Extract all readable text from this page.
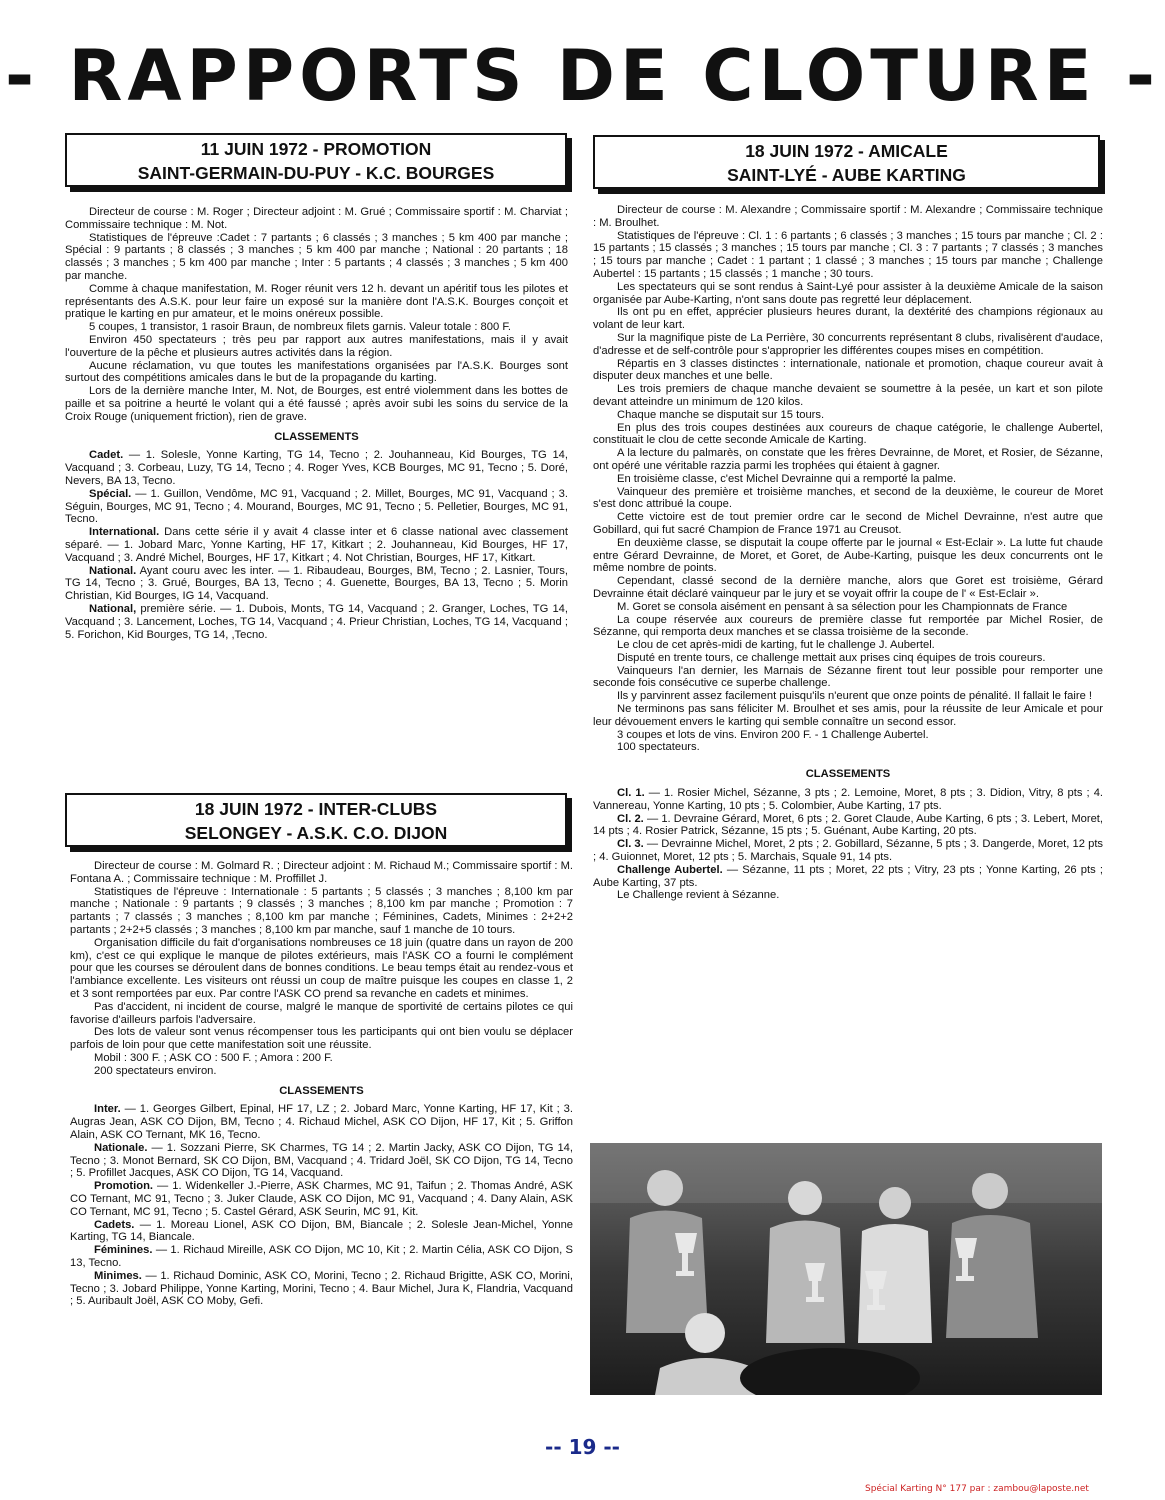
- RAPPORTS DE CLOTURE -
11 JUIN 1972 - PROMOTION
SAINT-GERMAIN-DU-PUY - K.C. BOURGES
18 JUIN 1972 - INTER-CLUBS
SELONGEY - A.S.K. C.O. DIJON
18 JUIN 1972 - AMICALE
SAINT-LYÉ - AUBE KARTING

Directeur de course : M. Roger ; Directeur adjoint : M. Grué ; Commissaire sportif : M. Charviat ; Commissaire technique : M. Not.

Statistiques de l'épreuve :Cadet : 7 partants ; 6 classés ; 3 manches ; 5 km 400 par manche ; Spécial : 9 partants ; 8 classés ; 3 manches ; 5 km 400 par manche ; National : 20 partants ; 18 classés ; 3 manches ; 5 km 400 par manche ; Inter : 5 partants ; 4 classés ; 3 manches ; 5 km 400 par manche.

Comme à chaque manifestation, M. Roger réunit vers 12 h. devant un apéritif tous les pilotes et représentants des A.S.K. pour leur faire un exposé sur la manière dont l'A.S.K. Bourges conçoit et pratique le karting en pur amateur, et le moins onéreux possible.

5 coupes, 1 transistor, 1 rasoir Braun, de nombreux filets garnis. Valeur totale : 800 F.

Environ 450 spectateurs ; très peu par rapport aux autres manifestations, mais il y avait l'ouverture de la pêche et plusieurs autres activités dans la région.

Aucune réclamation, vu que toutes les manifestations organisées par l'A.S.K. Bourges sont surtout des compétitions amicales dans le but de la propagande du karting.

Lors de la dernière manche Inter, M. Not, de Bourges, est entré violemment dans les bottes de paille et sa poitrine a heurté le volant qui a été faussé ; après avoir subi les soins du service de la Croix Rouge (uniquement friction), rien de grave.

CLASSEMENTS

Cadet. — 1. Solesle, Yonne Karting, TG 14, Tecno ; 2. Jouhanneau, Kid Bourges, TG 14, Vacquand ; 3. Corbeau, Luzy, TG 14, Tecno ; 4. Roger Yves, KCB Bourges, MC 91, Tecno ; 5. Doré, Nevers, BA 13, Tecno.

Spécial. — 1. Guillon, Vendôme, MC 91, Vacquand ; 2. Millet, Bourges, MC 91, Vacquand ; 3. Séguin, Bourges, MC 91, Tecno ; 4. Mourand, Bourges, MC 91, Tecno ; 5. Pelletier, Bourges, MC 91, Tecno.

International. Dans cette série il y avait 4 classe inter et 6 classe national avec classement séparé. — 1. Jobard Marc, Yonne Karting, HF 17, Kitkart ; 2. Jouhanneau, Kid Bourges, HF 17, Vacquand ; 3. André Michel, Bourges, HF 17, Kitkart ; 4. Not Christian, Bourges, HF 17, Kitkart.

National. Ayant couru avec les inter. — 1. Ribaudeau, Bourges, BM, Tecno ; 2. Lasnier, Tours, TG 14, Tecno ; 3. Grué, Bourges, BA 13, Tecno ; 4. Guenette, Bourges, BA 13, Tecno ; 5. Morin Christian, Kid Bourges, IG 14, Vacquand.

National, première série. — 1. Dubois, Monts, TG 14, Vacquand ; 2. Granger, Loches, TG 14, Vacquand ; 3. Lancement, Loches, TG 14, Vacquand ; 4. Prieur Christian, Loches, TG 14, Vacquand ; 5. Forichon, Kid Bourges, TG 14, ,Tecno.

Directeur de course : M. Golmard R. ; Directeur adjoint : M. Richaud M.; Commissaire sportif : M. Fontana A. ; Commissaire technique : M. Proffillet J.

Statistiques de l'épreuve : Internationale : 5 partants ; 5 classés ; 3 manches ; 8,100 km par manche ; Nationale : 9 partants ; 9 classés ; 3 manches ; 8,100 km par manche ; Promotion : 7 partants ; 7 classés ; 3 manches ; 8,100 km par manche ; Féminines, Cadets, Minimes : 2+2+2 partants ; 2+2+5 classés ; 3 manches ; 8,100 km par manche, sauf 1 manche de 10 tours.

Organisation difficile du fait d'organisations nombreuses ce 18 juin (quatre dans un rayon de 200 km), c'est ce qui explique le manque de pilotes extérieurs, mais l'ASK CO a fourni le complément pour que les courses se déroulent dans de bonnes conditions. Le beau temps était au rendez-vous et l'ambiance excellente. Les visiteurs ont réussi un coup de maître puisque les coupes en classe 1, 2 et 3 sont remportées par eux. Par contre l'ASK CO prend sa revanche en cadets et minimes.

Pas d'accident, ni incident de course, malgré le manque de sportivité de certains pilotes ce qui favorise d'ailleurs parfois l'adversaire.

Des lots de valeur sont venus récompenser tous les participants qui ont bien voulu se déplacer parfois de loin pour que cette manifestation soit une réussite.

Mobil : 300 F. ; ASK CO : 500 F. ; Amora : 200 F.

200 spectateurs environ.

CLASSEMENTS

Inter. — 1. Georges Gilbert, Epinal, HF 17, LZ ; 2. Jobard Marc, Yonne Karting, HF 17, Kit ; 3. Augras Jean, ASK CO Dijon, BM, Tecno ; 4. Richaud Michel, ASK CO Dijon, HF 17, Kit ; 5. Griffon Alain, ASK CO Ternant, MK 16, Tecno.

Nationale. — 1. Sozzani Pierre, SK Charmes, TG 14 ; 2. Martin Jacky, ASK CO Dijon, TG 14, Tecno ; 3. Monot Bernard, SK CO Dijon, BM, Vacquand ; 4. Tridard Joël, SK CO Dijon, TG 14, Tecno ; 5. Profillet Jacques, ASK CO Dijon, TG 14, Vacquand.

Promotion. — 1. Widenkeller J.-Pierre, ASK Charmes, MC 91, Taifun ; 2. Thomas André, ASK CO Ternant, MC 91, Tecno ; 3. Juker Claude, ASK CO Dijon, MC 91, Vacquand ; 4. Dany Alain, ASK CO Ternant, MC 91, Tecno ; 5. Castel Gérard, ASK Seurin, MC 91, Kit.

Cadets. — 1. Moreau Lionel, ASK CO Dijon, BM, Biancale ; 2. Solesle Jean-Michel, Yonne Karting, TG 14, Biancale.

Féminines. — 1. Richaud Mireille, ASK CO Dijon, MC 10, Kit ; 2. Martin Célia, ASK CO Dijon, S 13, Tecno.

Minimes. — 1. Richaud Dominic, ASK CO, Morini, Tecno ; 2. Richaud Brigitte, ASK CO, Morini, Tecno ; 3. Jobard Philippe, Yonne Karting, Morini, Tecno ; 4. Baur Michel, Jura K, Flandria, Vacquand ; 5. Auribault Joël, ASK CO Moby, Gefi.

Directeur de course : M. Alexandre ; Commissaire sportif : M. Alexandre ; Commissaire technique : M. Broulhet.

Statistiques de l'épreuve : Cl. 1 : 6 partants ; 6 classés ; 3 manches ; 15 tours par manche ; Cl. 2 : 15 partants ; 15 classés ; 3 manches ; 15 tours par manche ; Cl. 3 : 7 partants ; 7 classés ; 3 manches ; 15 tours par manche ; Cadet : 1 partant ; 1 classé ; 3 manches ; 15 tours par manche ; Challenge Aubertel : 15 partants ; 15 classés ; 1 manche ; 30 tours.

Les spectateurs qui se sont rendus à Saint-Lyé pour assister à la deuxième Amicale de la saison organisée par Aube-Karting, n'ont sans doute pas regretté leur déplacement.

Ils ont pu en effet, apprécier plusieurs heures durant, la dextérité des champions régionaux au volant de leur kart.

Sur la magnifique piste de La Perrière, 30 concurrents représentant 8 clubs, rivalisèrent d'audace, d'adresse et de self-contrôle pour s'approprier les différentes coupes mises en compétition.

Répartis en 3 classes distinctes : internationale, nationale et promotion, chaque coureur avait à disputer deux manches et une belle.

Les trois premiers de chaque manche devaient se soumettre à la pesée, un kart et son pilote devant atteindre un minimum de 120 kilos.

Chaque manche se disputait sur 15 tours.

En plus des trois coupes destinées aux coureurs de chaque catégorie, le challenge Aubertel, constituait le clou de cette seconde Amicale de Karting.

A la lecture du palmarès, on constate que les frères Devrainne, de Moret, et Rosier, de Sézanne, ont opéré une véritable razzia parmi les trophées qui étaient à gagner.

En troisième classe, c'est Michel Devrainne qui a remporté la palme.

Vainqueur des première et troisième manches, et second de la deuxième, le coureur de Moret s'est donc attribué la coupe.

Cette victoire est de tout premier ordre car le second de Michel Devrainne, n'est autre que Gobillard, qui fut sacré Champion de France 1971 au Creusot.

En deuxième classe, se disputait la coupe offerte par le journal « Est-Eclair ». La lutte fut chaude entre Gérard Devrainne, de Moret, et Goret, de Aube-Karting, puisque les deux concurrents ont le même nombre de points.

Cependant, classé second de la dernière manche, alors que Goret est troisième, Gérard Devrainne était déclaré vainqueur par le jury et se voyait offrir la coupe de l' « Est-Eclair ».

M. Goret se consola aisément en pensant à sa sélection pour les Championnats de France

La coupe réservée aux coureurs de première classe fut remportée par Michel Rosier, de Sézanne, qui remporta deux manches et se classa troisième de la seconde.

Le clou de cet après-midi de karting, fut le challenge J. Aubertel.

Disputé en trente tours, ce challenge mettait aux prises cinq équipes de trois coureurs.

Vainqueurs l'an dernier, les Marnais de Sézanne firent tout leur possible pour remporter une seconde fois consécutive ce superbe challenge.

Ils y parvinrent assez facilement puisqu'ils n'eurent que onze points de pénalité. Il fallait le faire !

Ne terminons pas sans féliciter M. Broulhet et ses amis, pour la réussite de leur Amicale et pour leur dévouement envers le karting qui semble connaître un second essor.

3 coupes et lots de vins. Environ 200 F. - 1 Challenge Aubertel.

100 spectateurs.

CLASSEMENTS

Cl. 1. — 1. Rosier Michel, Sézanne, 3 pts ; 2. Lemoine, Moret, 8 pts ; 3. Didion, Vitry, 8 pts ; 4. Vannereau, Yonne Karting, 10 pts ; 5. Colombier, Aube Karting, 17 pts.

Cl. 2. — 1. Devraine Gérard, Moret, 6 pts ; 2. Goret Claude, Aube Karting, 6 pts ; 3. Lebert, Moret, 14 pts ; 4. Rosier Patrick, Sézanne, 15 pts ; 5. Guénant, Aube Karting, 20 pts.

Cl. 3. — Devrainne Michel, Moret, 2 pts ; 2. Gobillard, Sézanne, 5 pts ; 3. Dangerde, Moret, 12 pts ; 4. Guionnet, Moret, 12 pts ; 5. Marchais, Squale 91, 14 pts.

Challenge Aubertel. — Sézanne, 11 pts ; Moret, 22 pts ; Vitry, 23 pts ; Yonne Karting, 26 pts ; Aube Karting, 37 pts.

Le Challenge revient à Sézanne.

-- 19 --
Spécial Karting N° 177 par : zambou@laposte.net
